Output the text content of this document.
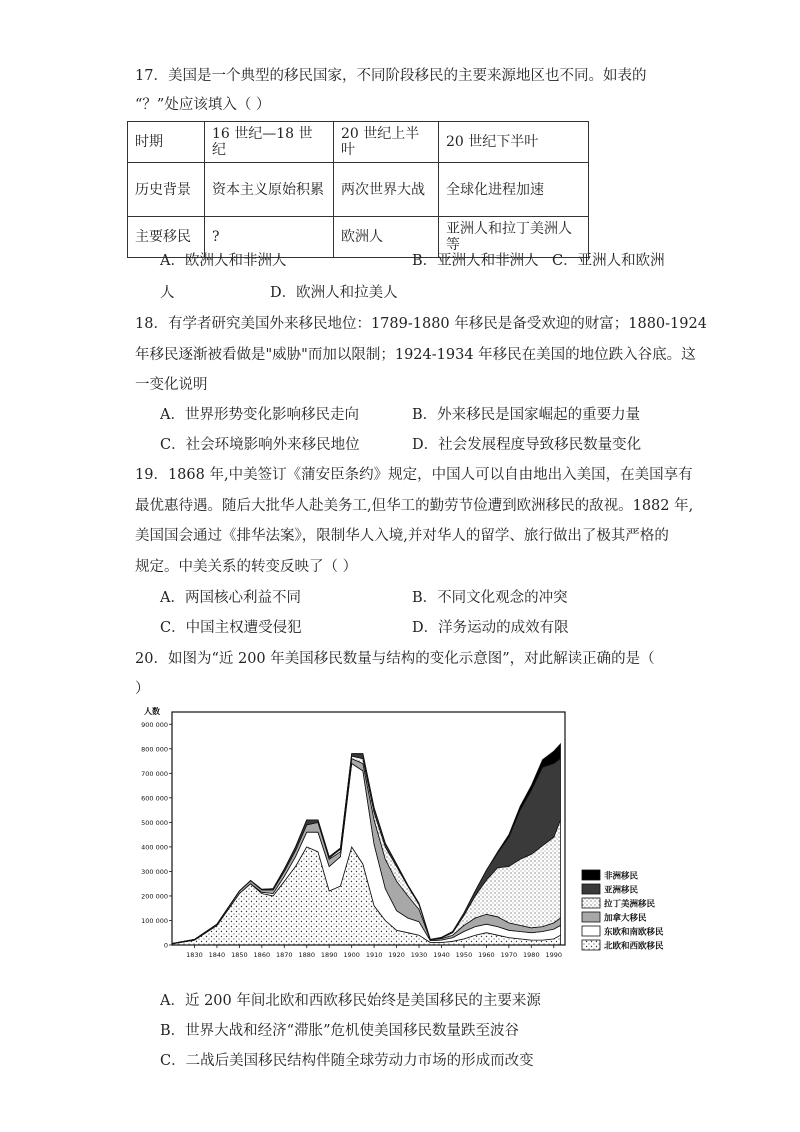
17．美国是一个典型的移民国家，不同阶段移民的主要来源地区也不同。如表的
“？”处应该填入（ ）
时期	16 世纪—18 世纪	20 世纪上半叶	20 世纪下半叶
历史背景	资本主义原始积累	两次世界大战	全球化进程加速
主要移民	?	欧洲人	亚洲人和拉丁美洲人等
A．欧洲人和非洲人	B．亚洲人和非洲人 C．亚洲人和欧洲
人	D．欧洲人和拉美人
18．有学者研究美国外来移民地位：1789-1880 年移民是备受欢迎的财富；1880-1924
年移民逐渐被看做是"威胁"而加以限制；1924-1934 年移民在美国的地位跌入谷底。这
一变化说明
A．世界形势变化影响移民走向	B．外来移民是国家崛起的重要力量
C．社会环境影响外来移民地位	D．社会发展程度导致移民数量变化
19．1868 年,中美签订《蒲安臣条约》规定，中国人可以自由地出入美国，在美国享有
最优惠待遇。随后大批华人赴美务工,但华工的勤劳节俭遭到欧洲移民的敌视。1882 年,
美国国会通过《排华法案》，限制华人入境,并对华人的留学、旅行做出了极其严格的
规定。中美关系的转变反映了（ ）
A．两国核心利益不同	B．不同文化观念的冲突
C．中国主权遭受侵犯	D．洋务运动的成效有限
20．如图为“近 200 年美国移民数量与结构的变化示意图”，对此解读正确的是（
）
0
100 000
200 000
300 000
400 000
500 000
600 000
700 000
800 000
900 000
人数
1830 1840 1850 1860 1870 1880 1890 1900 1910 1920 1930 1940 1950 1960 1970 1980 1990
非洲移民
亚洲移民
拉丁美洲移民
加拿大移民
东欧和南欧移民
北欧和西欧移民
A．近 200 年间北欧和西欧移民始终是美国移民的主要来源
B．世界大战和经济“滞胀”危机使美国移民数量跌至波谷
C．二战后美国移民结构伴随全球劳动力市场的形成而改变
